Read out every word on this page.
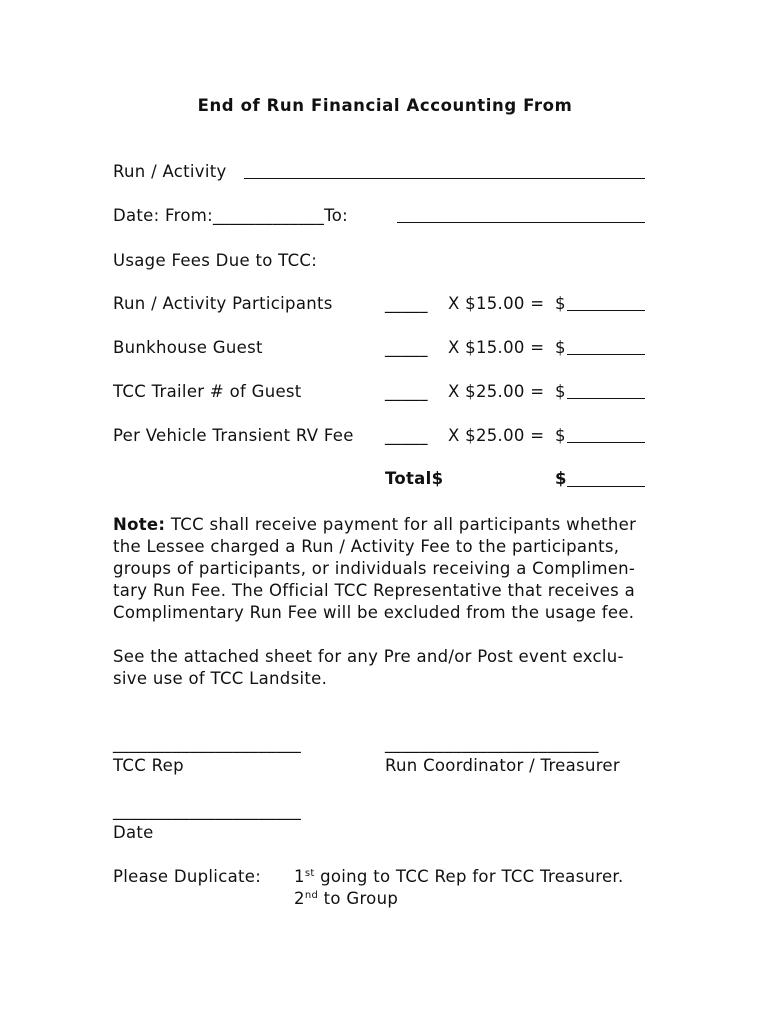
End of Run Financial Accounting From
Run / Activity
Date: From:_____________To:
Usage Fees Due to TCC:
Run / Activity Participants	_____ X $15.00 = $
Bunkhouse Guest	_____ X $15.00 = $
TCC Trailer # of Guest	_____ X $25.00 = $
Per Vehicle Transient RV Fee _____ X $25.00 = $
Total$	$
Note: TCC shall receive payment for all participants whether
the Lessee charged a Run / Activity Fee to the participants,
groups of participants, or individuals receiving a Complimen-
tary Run Fee. The Official TCC Representative that receives a
Complimentary Run Fee will be excluded from the usage fee.
See the attached sheet for any Pre and/or Post event exclu-
sive use of TCC Landsite.
______________________	_________________________
TCC Rep	Run Coordinator / Treasurer
______________________
Date
Please Duplicate: 1st going to TCC Rep for TCC Treasurer.
2nd to Group
